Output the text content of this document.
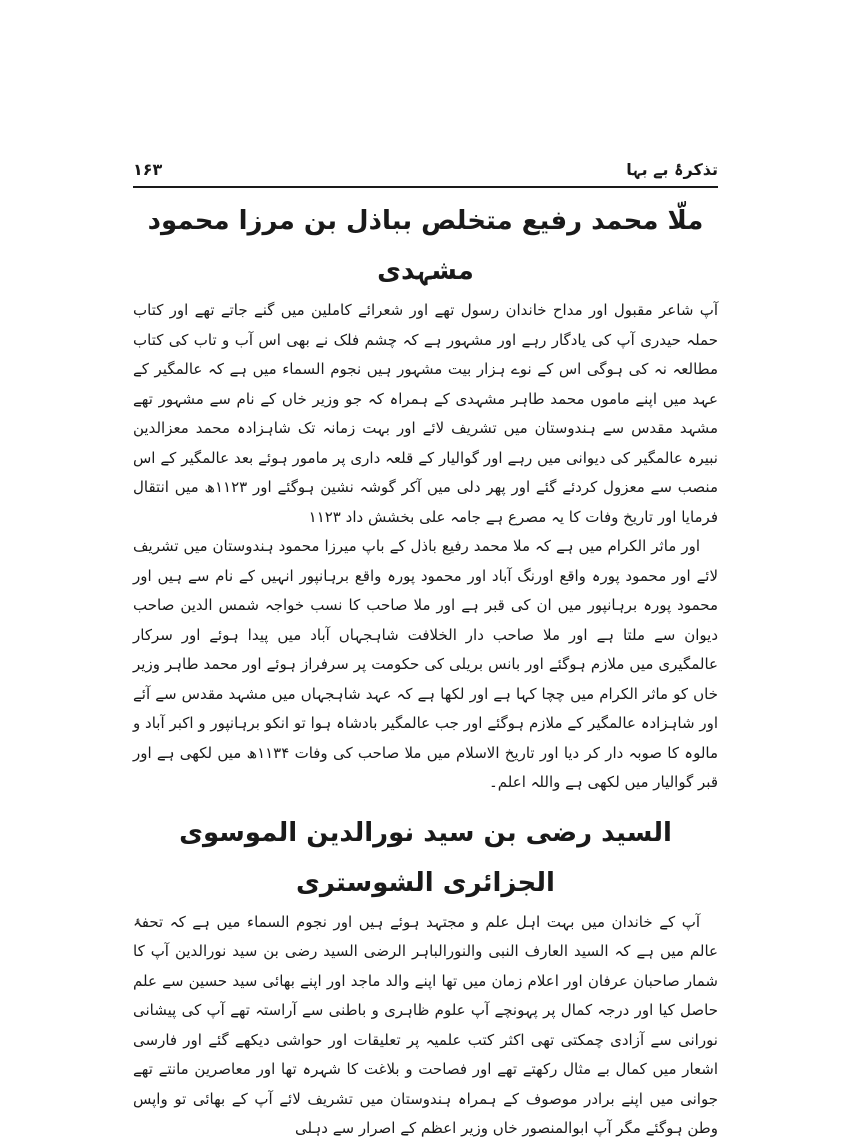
۱۶۳	تذکرۂ بے بہا
ملّا محمد رفیع متخلص بباذل بن مرزا محمود مشہدی

آپ شاعر مقبول اور مداح خاندان رسول تھے اور شعرائے کاملین میں گنے جاتے تھے اور کتاب حملہ حیدری آپ کی یادگار رہے اور مشہور ہے کہ چشم فلک نے بھی اس آب و تاب کی کتاب مطالعہ نہ کی ہوگی اس کے نوے ہزار بیت مشہور ہیں نجوم السماء میں ہے کہ عالمگیر کے عہد میں اپنے ماموں محمد طاہر مشہدی کے ہمراہ کہ جو وزیر خاں کے نام سے مشہور تھے مشہد مقدس سے ہندوستان میں تشریف لائے اور بہت زمانہ تک شاہزادہ محمد معزالدین نبیرہ عالمگیر کی دیوانی میں رہے اور گوالیار کے قلعہ داری پر مامور ہوئے بعد عالمگیر کے اس منصب سے معزول کردئے گئے اور پھر دلی میں آکر گوشہ نشین ہوگئے اور ۱۱۲۳ھ میں انتقال فرمایا اور تاریخ وفات کا یہ مصرع ہے جامہ علی بخشش داد ۱۱۲۳

اور ماثر الکرام میں ہے کہ ملا محمد رفیع باذل کے باپ میرزا محمود ہندوستان میں تشریف لائے اور محمود پورہ واقع اورنگ آباد اور محمود پورہ واقع برہانپور انہیں کے نام سے ہیں اور محمود پورہ برہانپور میں ان کی قبر ہے اور ملا صاحب کا نسب خواجہ شمس الدین صاحب دیوان سے ملتا ہے اور ملا صاحب دار الخلافت شاہجہاں آباد میں پیدا ہوئے اور سرکار عالمگیری میں ملازم ہوگئے اور بانس بریلی کی حکومت پر سرفراز ہوئے اور محمد طاہر وزیر خاں کو ماثر الکرام میں چچا کہا ہے اور لکھا ہے کہ عہد شاہجہاں میں مشہد مقدس سے آئے اور شاہزادہ عالمگیر کے ملازم ہوگئے اور جب عالمگیر بادشاہ ہوا تو انکو برہانپور و اکبر آباد و مالوہ کا صوبہ دار کر دیا اور تاریخ الاسلام میں ملا صاحب کی وفات ۱۱۳۴ھ میں لکھی ہے اور قبر گوالیار میں لکھی ہے واللہ اعلم۔

السید رضی بن سید نورالدین الموسوی الجزائری الشوستری

آپ کے خاندان میں بہت اہل علم و مجتہد ہوئے ہیں اور نجوم السماء میں ہے کہ تحفۂ عالم میں ہے کہ السید العارف النبی والنورالباہر الرضی السید رضی بن سید نورالدین آپ کا شمار صاحبان عرفان اور اعلام زمان میں تھا اپنے والد ماجد اور اپنے بھائی سید حسین سے علم حاصل کیا اور درجہ کمال پر پہونچے آپ علوم ظاہری و باطنی سے آراستہ تھے آپ کی پیشانی نورانی سے آزادی چمکتی تھی اکثر کتب علمیہ پر تعلیقات اور حواشی دیکھے گئے اور فارسی اشعار میں کمال بے مثال رکھتے تھے اور فصاحت و بلاغت کا شہرہ تھا اور معاصرین مانتے تھے جوانی میں اپنے برادر موصوف کے ہمراہ ہندوستان میں تشریف لائے آپ کے بھائی تو واپس وطن ہوگئے مگر آپ ابوالمنصور خاں وزیر اعظم کے اصرار سے دہلی
